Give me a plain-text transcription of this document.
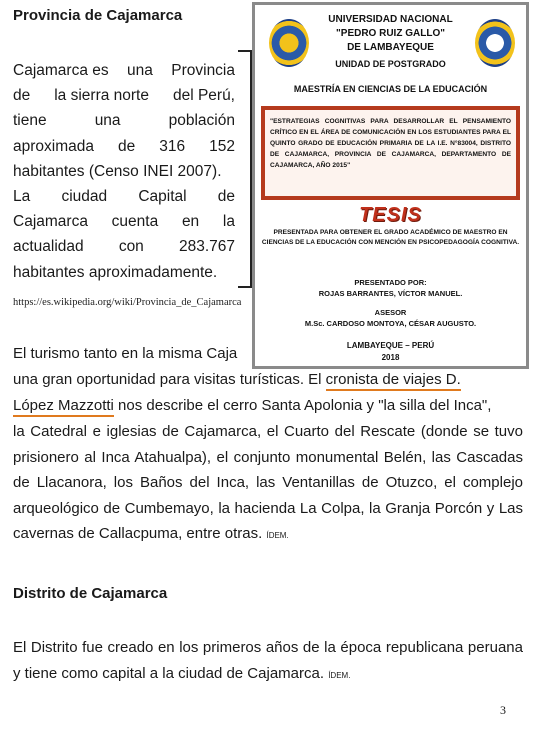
Provincia de Cajamarca
Cajamarca es una Provincia
de la sierra norte del Perú,
tiene	una	población
aproximada de 316 152
habitantes (Censo INEI 2007).
La ciudad Capital de
Cajamarca cuenta en la
actualidad con 283.767
habitantes aproximadamente.
https://es.wikipedia.org/wiki/Provincia_de_Cajamarca
El turismo tanto en la misma Caja
una gran oportunidad para visitas turísticas. El cronista de viajes D.
López Mazzotti nos describe el cerro Santa Apolonia y "la silla del Inca",
la Catedral e iglesias de Cajamarca, el Cuarto del Rescate (donde se tuvo prisionero al Inca Atahualpa), el conjunto monumental Belén, las Cascadas de Llacanora, los Baños del Inca, las Ventanillas de Otuzco, el complejo arqueológico de Cumbemayo, la hacienda La Colpa, la Granja Porcón y Las cavernas de Callacpuma, entre otras. ÍDEM.
Distrito de Cajamarca
El Distrito fue creado en los primeros años de la época republicana peruana y tiene como capital a la ciudad de Cajamarca. ÍDEM.
3
UNIVERSIDAD NACIONAL
"PEDRO RUIZ GALLO"
DE LAMBAYEQUE
UNIDAD DE POSTGRADO
MAESTRÍA EN CIENCIAS DE LA EDUCACIÓN
"ESTRATEGIAS COGNITIVAS PARA DESARROLLAR EL PENSAMIENTO CRÍTICO EN EL ÁREA DE COMUNICACIÓN EN LOS ESTUDIANTES PARA EL QUINTO GRADO DE EDUCACIÓN PRIMARIA DE LA I.E. N°83004, DISTRITO DE CAJAMARCA, PROVINCIA DE CAJAMARCA, DEPARTAMENTO DE CAJAMARCA, AÑO 2015"
TESIS
PRESENTADA PARA OBTENER EL GRADO ACADÉMICO DE MAESTRO EN CIENCIAS DE LA EDUCACIÓN CON MENCIÓN EN PSICOPEDAGOGÍA COGNITIVA.
PRESENTADO POR:
ROJAS BARRANTES, VÍCTOR MANUEL.
ASESOR
M.Sc. CARDOSO MONTOYA, CÉSAR AUGUSTO.
LAMBAYEQUE – PERÚ
2018
